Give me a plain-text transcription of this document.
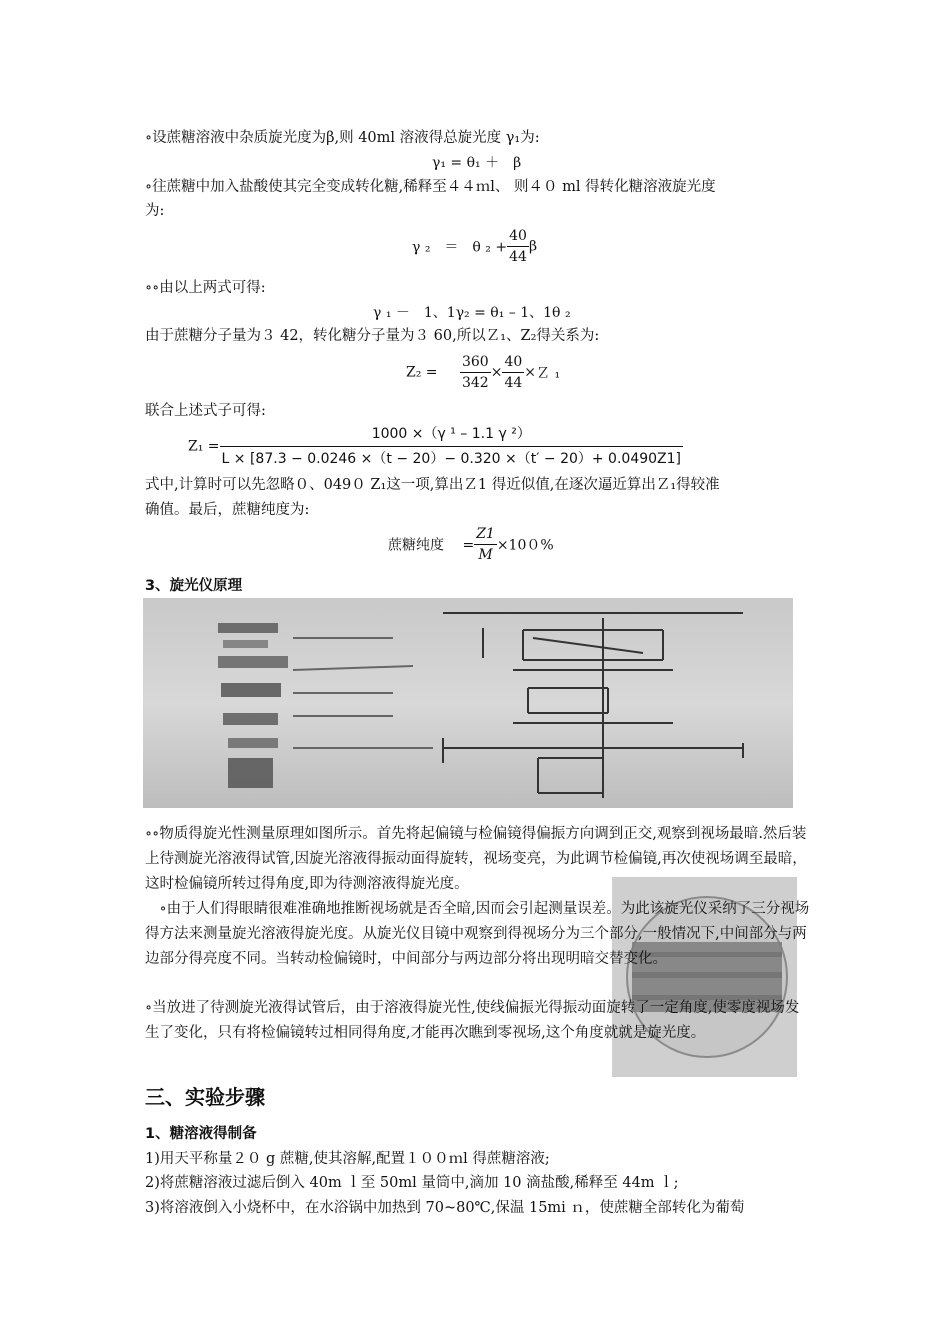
∘设蔗糖溶液中杂质旋光度为β,则 40ml 溶液得总旋光度 γ₁为:
γ₁ = θ₁ ＋　β
∘往蔗糖中加入盐酸使其完全变成转化糖,稀释至４４ｍl、 则４０ ml 得转化糖溶液旋光度
为:
γ ₂　＝　θ $_2 + \frac{40}{44}$ β
∘∘由以上两式可得:
γ ₁ －　1、1γ₂ = θ₁ – 1、1θ ₂
由于蔗糖分子量为３ 42，转化糖分子量为３ 60,所以Ｚ₁、Z₂得关系为:
$Z_2 = \frac{360}{342} \times \frac{40}{44}$ ×Ｚ ₁
联合上述式子可得:
$Z_1 = \frac{\text{1000 ×（γ ¹ – 1.1 γ ²）}}{L \times [87.3 - 0.0246 \times(t - 20)- 0.320 \times(t' - 20)+ 0.0490Z1]}$
式中,计算时可以先忽略０、049０ Z₁这一项,算出Ｚ1 得近似值,在逐次逼近算出Ｚ₁得较准
确值。最后，蔗糖纯度为:
蔗糖纯度　 = $\frac{Z1}{M} \times 100\%$
3、旋光仪原理
∘∘物质得旋光性测量原理如图所示。首先将起偏镜与检偏镜得偏振方向调到正交,观察到视场最暗.然后装上待测旋光溶液得试管,因旋光溶液得振动面得旋转，视场变亮，为此调节检偏镜,再次使视场调至最暗，这时检偏镜所转过得角度,即为待测溶液得旋光度。
　∘由于人们得眼睛很难准确地推断视场就是否全暗,因而会引起测量误差。为此该旋光仪采纳了三分视场得方法来测量旋光溶液得旋光度。从旋光仪目镜中观察到得视场分为三个部分,一般情况下,中间部分与两边部分得亮度不同。当转动检偏镜时，中间部分与两边部分将出现明暗交替变化。
∘当放进了待测旋光液得试管后，由于溶液得旋光性,使线偏振光得振动面旋转了一定角度,使零度视场发生了变化，只有将检偏镜转过相同得角度,才能再次瞧到零视场,这个角度就就是旋光度。
三、实验步骤
1、糖溶液得制备
1)用天平称量２０ g 蔗糖,使其溶解,配置１００ｍl 得蔗糖溶液;
2)将蔗糖溶液过滤后倒入 40m ｌ至 50ml 量筒中,滴加 10 滴盐酸,稀释至 44m ｌ;
3)将溶液倒入小烧杯中，在水浴锅中加热到 70~80℃,保温 15mi ｎ，使蔗糖全部转化为葡萄
